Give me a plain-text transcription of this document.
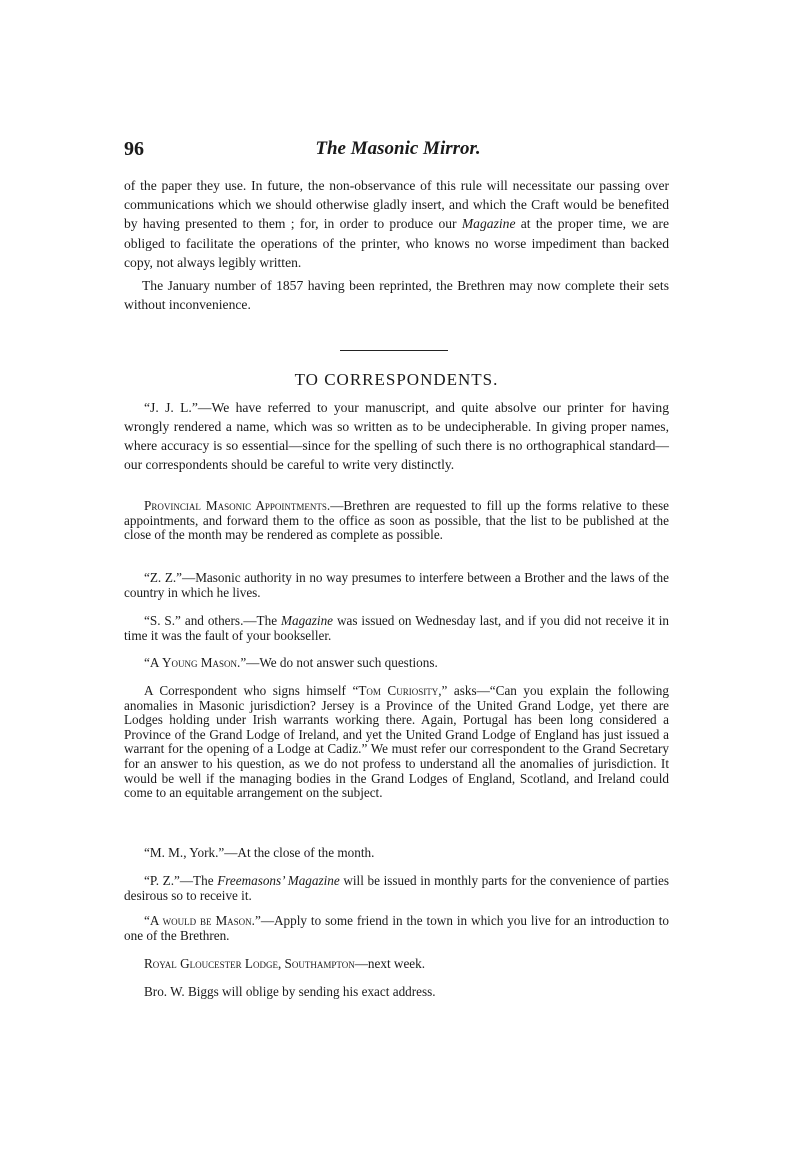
96	The Masonic Mirror.

of the paper they use. In future, the non-observance of this rule will necessitate our passing over communications which we should otherwise gladly insert, and which the Craft would be benefited by having presented to them ; for, in order to produce our Magazine at the proper time, we are obliged to facilitate the operations of the printer, who knows no worse impediment than backed copy, not always legibly written.

The January number of 1857 having been reprinted, the Brethren may now complete their sets without inconvenience.

TO CORRESPONDENTS.

“J. J. L.”—We have referred to your manuscript, and quite absolve our printer for having wrongly rendered a name, which was so written as to be undecipherable. In giving proper names, where accuracy is so essential—since for the spelling of such there is no orthographical standard—our correspondents should be careful to write very distinctly.

Provincial Masonic Appointments.—Brethren are requested to fill up the forms relative to these appointments, and forward them to the office as soon as possible, that the list to be published at the close of the month may be rendered as complete as possible.

“Z. Z.”—Masonic authority in no way presumes to interfere between a Brother and the laws of the country in which he lives.

“S. S.” and others.—The Magazine was issued on Wednesday last, and if you did not receive it in time it was the fault of your bookseller.

“A Young Mason.”—We do not answer such questions.

A Correspondent who signs himself “Tom Curiosity,” asks—“Can you explain the following anomalies in Masonic jurisdiction? Jersey is a Province of the United Grand Lodge, yet there are Lodges holding under Irish warrants working there. Again, Portugal has been long considered a Province of the Grand Lodge of Ireland, and yet the United Grand Lodge of England has just issued a warrant for the opening of a Lodge at Cadiz.” We must refer our correspondent to the Grand Secretary for an answer to his question, as we do not profess to understand all the anomalies of jurisdiction. It would be well if the managing bodies in the Grand Lodges of England, Scotland, and Ireland could come to an equitable arrangement on the subject.

“M. M., York.”—At the close of the month.

“P. Z.”—The Freemasons’ Magazine will be issued in monthly parts for the convenience of parties desirous so to receive it.

“A would be Mason.”—Apply to some friend in the town in which you live for an introduction to one of the Brethren.

Royal Gloucester Lodge, Southampton—next week.

Bro. W. Biggs will oblige by sending his exact address.
